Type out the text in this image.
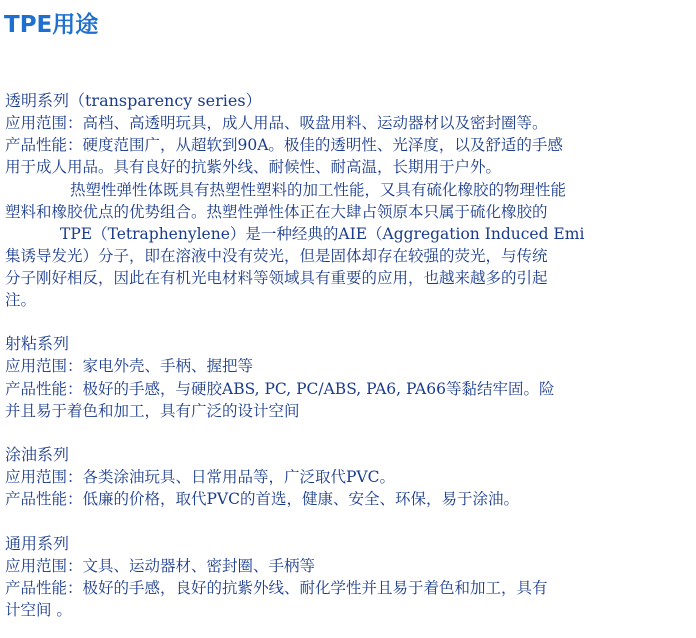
TPE用途
透明系列（transparency series）
应用范围：高档、高透明玩具，成人用品、吸盘用料、运动器材以及密封圈等。
产品性能：硬度范围广，从超软到90A。极佳的透明性、光泽度，以及舒适的手感
用于成人用品。具有良好的抗紫外线、耐候性、耐高温，长期用于户外。
热塑性弹性体既具有热塑性塑料的加工性能，又具有硫化橡胶的物理性能
塑料和橡胶优点的优势组合。热塑性弹性体正在大肆占领原本只属于硫化橡胶的
TPE（Tetraphenylene）是一种经典的AIE（Aggregation Induced Emi
集诱导发光）分子，即在溶液中没有荧光，但是固体却存在较强的荧光，与传统
分子刚好相反，因此在有机光电材料等领域具有重要的应用，也越来越多的引起
注。
射粘系列
应用范围：家电外壳、手柄、握把等
产品性能：极好的手感，与硬胶ABS, PC, PC/ABS, PA6, PA66等黏结牢固。险
并且易于着色和加工，具有广泛的设计空间
涂油系列
应用范围：各类涂油玩具、日常用品等，广泛取代PVC。
产品性能：低廉的价格，取代PVC的首选，健康、安全、环保，易于涂油。
通用系列
应用范围：文具、运动器材、密封圈、手柄等
产品性能：极好的手感，良好的抗紫外线、耐化学性并且易于着色和加工，具有
计空间 。
